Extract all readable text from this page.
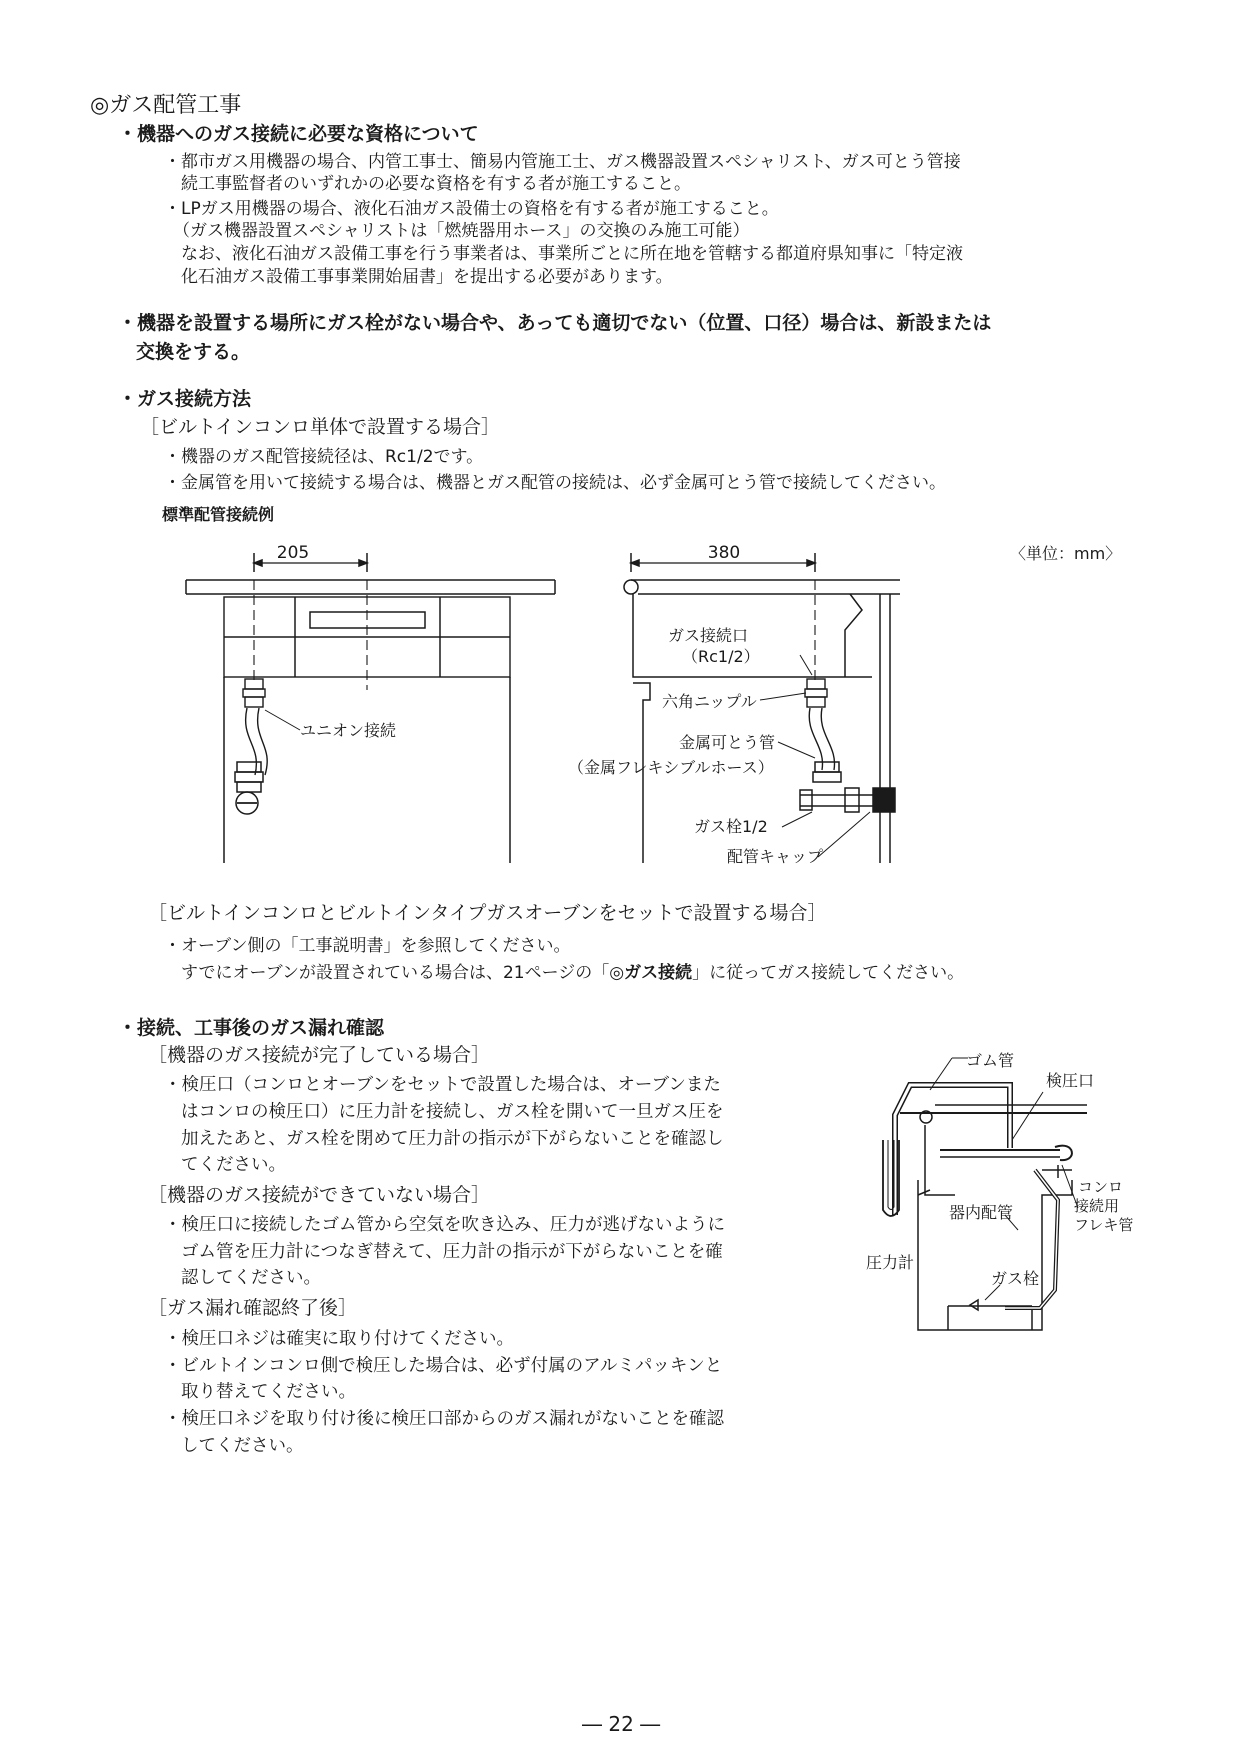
◎ガス配管工事
・機器へのガス接続に必要な資格について
・都市ガス用機器の場合、内管工事士、簡易内管施工士、ガス機器設置スペシャリスト、ガス可とう管接
続工事監督者のいずれかの必要な資格を有する者が施工すること。
・LPガス用機器の場合、液化石油ガス設備士の資格を有する者が施工すること。
（ガス機器設置スペシャリストは「燃焼器用ホース」の交換のみ施工可能）
なお、液化石油ガス設備工事を行う事業者は、事業所ごとに所在地を管轄する都道府県知事に「特定液
化石油ガス設備工事事業開始届書」を提出する必要があります。
・機器を設置する場所にガス栓がない場合や、あっても適切でない（位置、口径）場合は、新設または
交換をする。
・ガス接続方法
［ビルトインコンロ単体で設置する場合］
・機器のガス配管接続径は、Rc1/2です。
・金属管を用いて接続する場合は、機器とガス配管の接続は、必ず金属可とう管で接続してください。
標準配管接続例
205	380	〈単位：mm〉
ユニオン接続
ガス接続口
（Rc1/2）
六角ニップル
金属可とう管
（金属フレキシブルホース）
ガス栓1/2
配管キャップ
［ビルトインコンロとビルトインタイプガスオーブンをセットで設置する場合］
・オーブン側の「工事説明書」を参照してください。
すでにオーブンが設置されている場合は、21ページの「◎ガス接続」に従ってガス接続してください。
・接続、工事後のガス漏れ確認
［機器のガス接続が完了している場合］
・検圧口（コンロとオーブンをセットで設置した場合は、オーブンまた
はコンロの検圧口）に圧力計を接続し、ガス栓を開いて一旦ガス圧を
加えたあと、ガス栓を閉めて圧力計の指示が下がらないことを確認し
てください。
［機器のガス接続ができていない場合］
・検圧口に接続したゴム管から空気を吹き込み、圧力が逃げないように
ゴム管を圧力計につなぎ替えて、圧力計の指示が下がらないことを確
認してください。
［ガス漏れ確認終了後］
・検圧口ネジは確実に取り付けてください。
・ビルトインコンロ側で検圧した場合は、必ず付属のアルミパッキンと
取り替えてください。
・検圧口ネジを取り付け後に検圧口部からのガス漏れがないことを確認
してください。
ゴム管
検圧口
コンロ
接続用
フレキ管
器内配管
圧力計
ガス栓
― 22 ―
